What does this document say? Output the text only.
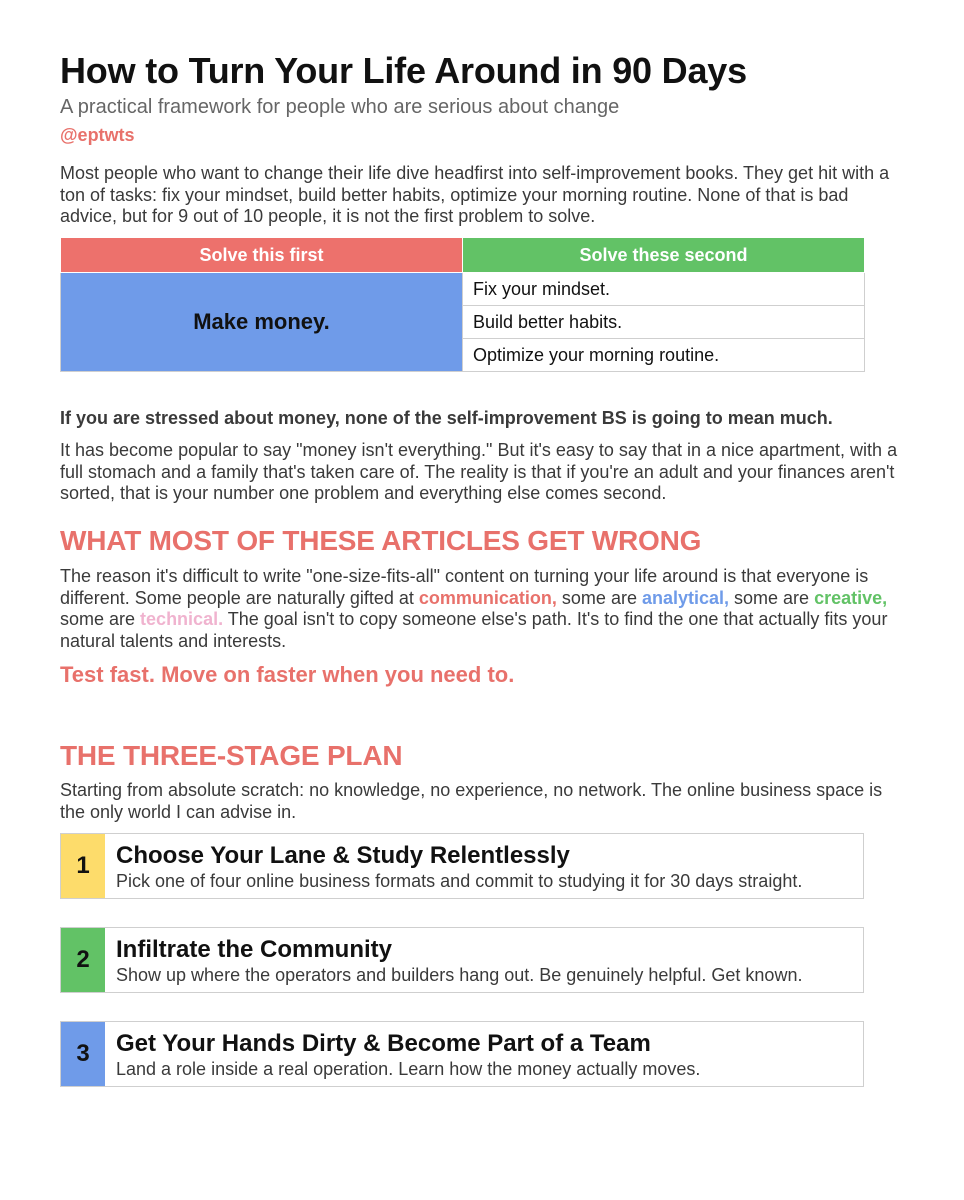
How to Turn Your Life Around in 90 Days

A practical framework for people who are serious about change

@eptwts

Most people who want to change their life dive headfirst into self-improvement books. They get hit with a ton of tasks: fix your mindset, build better habits, optimize your morning routine. None of that is bad advice, but for 9 out of 10 people, it is not the first problem to solve.

Solve this first	Solve these second
Make money.	Fix your mindset.
	Build better habits.
	Optimize your morning routine.

If you are stressed about money, none of the self-improvement BS is going to mean much.

It has become popular to say "money isn't everything." But it's easy to say that in a nice apartment, with a full stomach and a family that's taken care of. The reality is that if you're an adult and your finances aren't sorted, that is your number one problem and everything else comes second.

WHAT MOST OF THESE ARTICLES GET WRONG

The reason it's difficult to write "one-size-fits-all" content on turning your life around is that everyone is different. Some people are naturally gifted at communication, some are analytical, some are creative, some are technical. The goal isn't to copy someone else's path. It's to find the one that actually fits your natural talents and interests.

Test fast. Move on faster when you need to.

THE THREE-STAGE PLAN

Starting from absolute scratch: no knowledge, no experience, no network. The online business space is the only world I can advise in.

1	Choose Your Lane & Study Relentlessly
Pick one of four online business formats and commit to studying it for 30 days straight.
2	Infiltrate the Community
Show up where the operators and builders hang out. Be genuinely helpful. Get known.
3	Get Your Hands Dirty & Become Part of a Team
Land a role inside a real operation. Learn how the money actually moves.
